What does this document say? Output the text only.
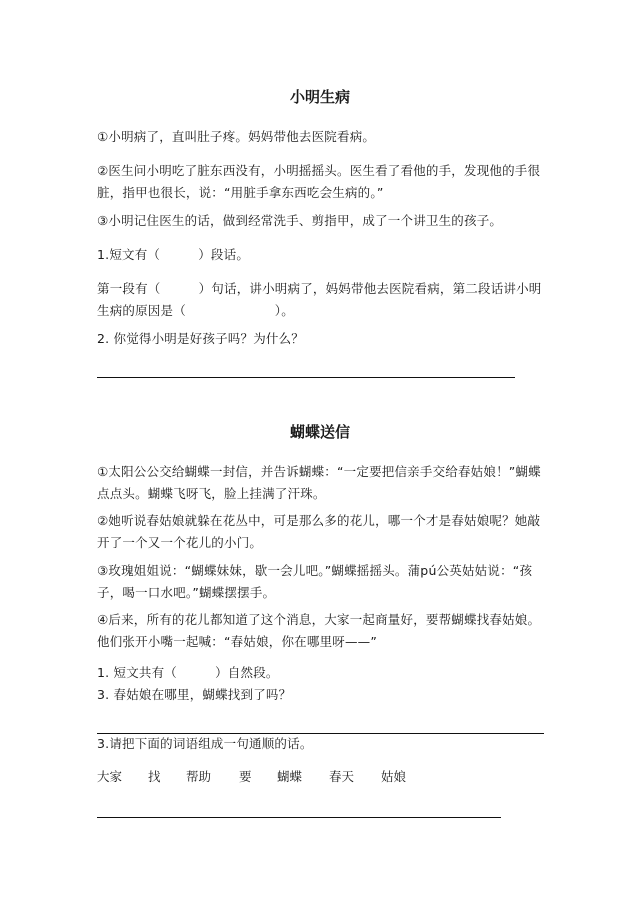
小明生病
①小明病了，直叫肚子疼。妈妈带他去医院看病。
②医生问小明吃了脏东西没有，小明摇摇头。医生看了看他的手，发现他的手很脏，指甲也很长，说：“用脏手拿东西吃会生病的。”
③小明记住医生的话，做到经常洗手、剪指甲，成了一个讲卫生的孩子。
1.短文有（　　　）段话。
第一段有（　　　）句话，讲小明病了，妈妈带他去医院看病，第二段话讲小明生病的原因是（　　　　　　　）。
2. 你觉得小明是好孩子吗？为什么？
蝴蝶送信
①太阳公公交给蝴蝶一封信，并告诉蝴蝶：“一定要把信亲手交给春姑娘！”蝴蝶点点头。蝴蝶飞呀飞，脸上挂满了汗珠。
②她听说春姑娘就躲在花丛中，可是那么多的花儿，哪一个才是春姑娘呢？她敲开了一个又一个花儿的小门。
③玫瑰姐姐说：“蝴蝶妹妹，歇一会儿吧。”蝴蝶摇摇头。蒲pú公英姑姑说：“孩子，喝一口水吧。”蝴蝶摆摆手。
④后来，所有的花儿都知道了这个消息，大家一起商量好，要帮蝴蝶找春姑娘。他们张开小嘴一起喊：“春姑娘，你在哪里呀——”
1. 短文共有（　　　）自然段。
3. 春姑娘在哪里，蝴蝶找到了吗？
3.请把下面的词语组成一句通顺的话。
大家 找 帮助 要 蝴蝶 春天 姑娘
